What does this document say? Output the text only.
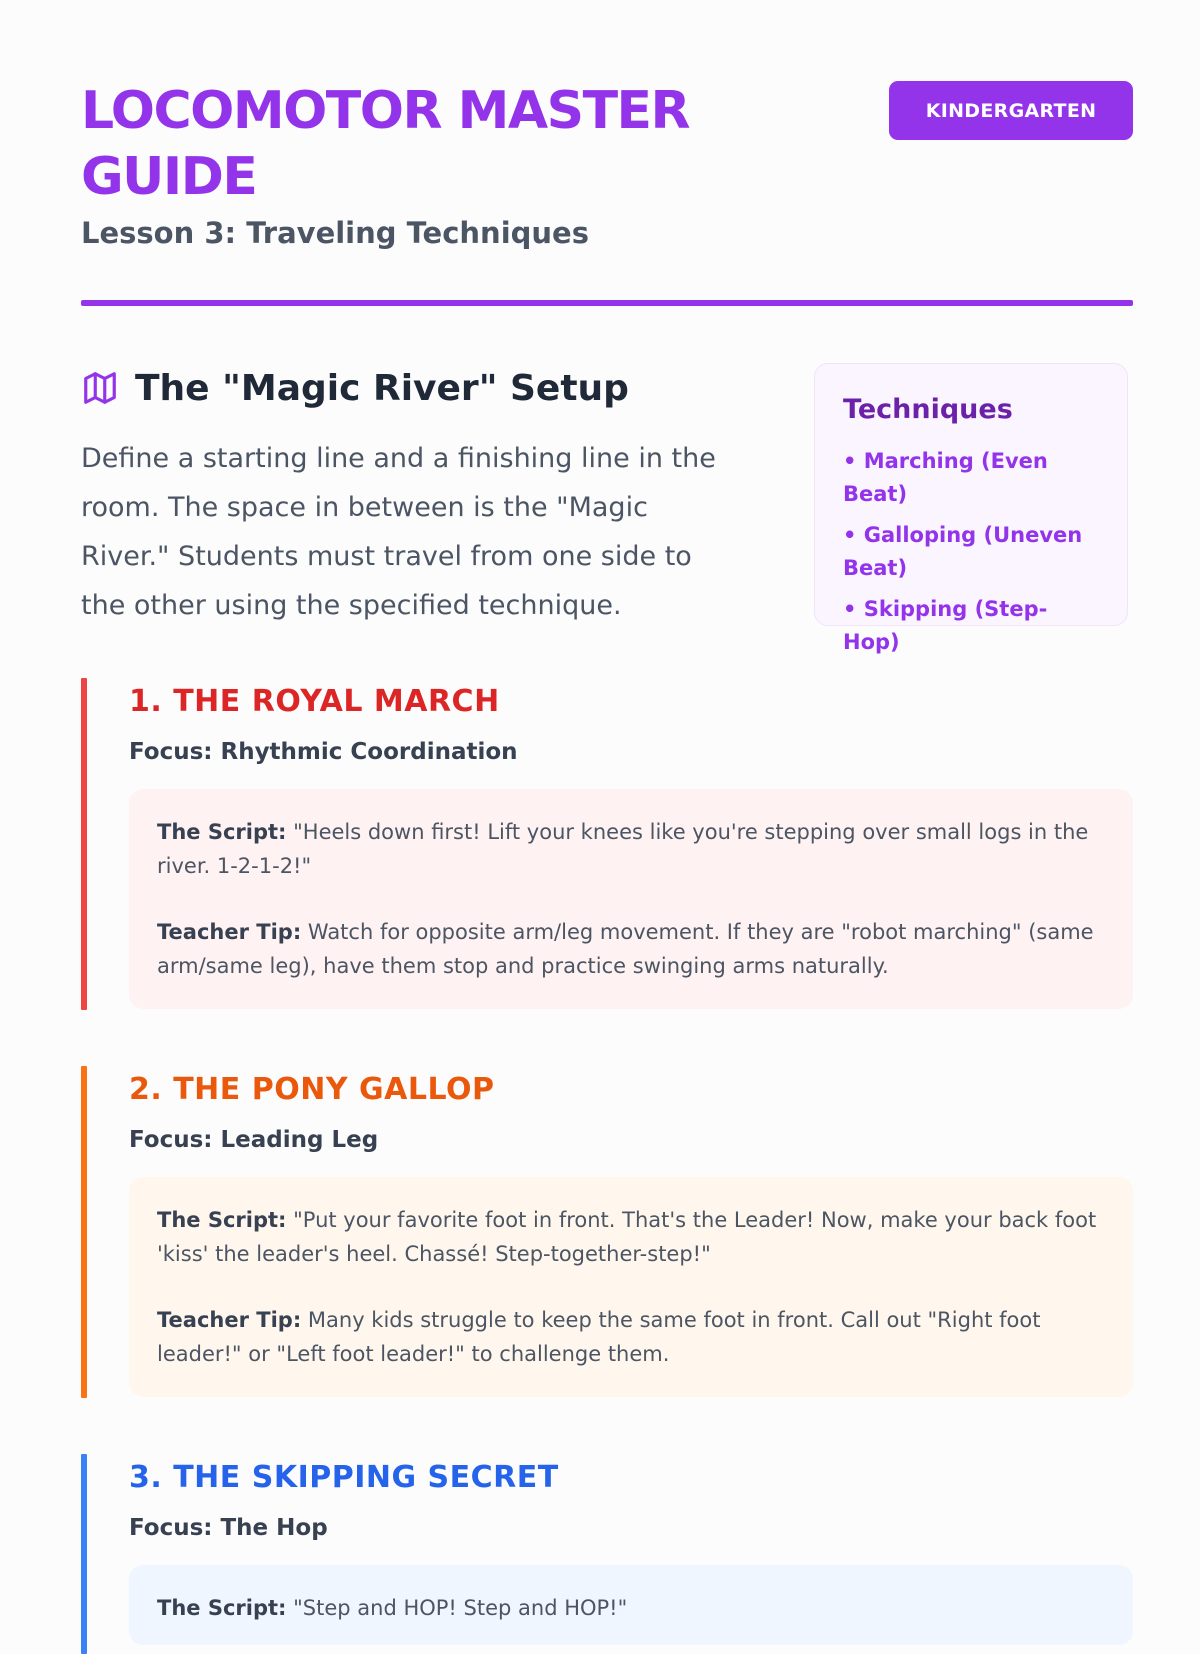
LOCOMOTOR MASTER GUIDE
Lesson 3: Traveling Techniques
KINDERGARTEN
The "Magic River" Setup

Define a starting line and a finishing line in the room. The space in between is the "Magic River." Students must travel from one side to the other using the specified technique.

Techniques
• Marching (Even Beat)
• Galloping (Uneven Beat)
• Skipping (Step-Hop)
1. THE ROYAL MARCH
Focus: Rhythmic Coordination
The Script: "Heels down first! Lift your knees like you're stepping over small logs in the river. 1-2-1-2!"
Teacher Tip: Watch for opposite arm/leg movement. If they are "robot marching" (same arm/same leg), have them stop and practice swinging arms naturally.
2. THE PONY GALLOP
Focus: Leading Leg
The Script: "Put your favorite foot in front. That's the Leader! Now, make your back foot 'kiss' the leader's heel. Chassé! Step-together-step!"
Teacher Tip: Many kids struggle to keep the same foot in front. Call out "Right foot leader!" or "Left foot leader!" to challenge them.
3. THE SKIPPING SECRET
Focus: The Hop
The Script: "Step and HOP! Step and HOP!"
